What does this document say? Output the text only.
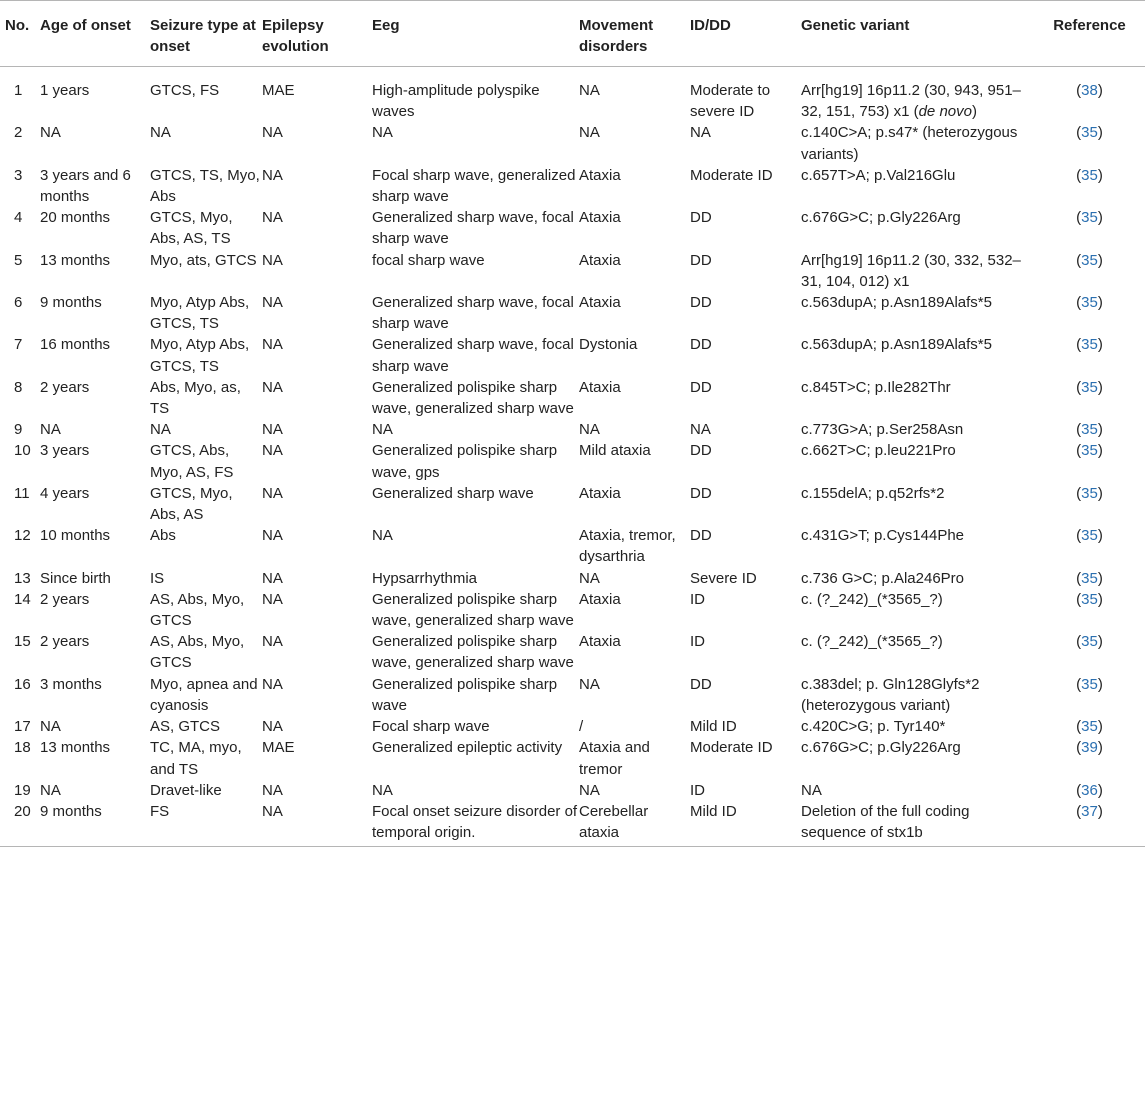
No.	Age of onset	Seizure type at onset	Epilepsy evolution	Eeg	Movement disorders	ID/DD	Genetic variant	Reference
1	1 years	GTCS, FS	MAE	High-amplitude polyspike waves	NA	Moderate to severe ID	Arr[hg19] 16p11.2 (30, 943, 951–32, 151, 753) x1 (de novo)	(38)
2	NA	NA	NA	NA	NA	NA	c.140C>A; p.s47* (heterozygous variants)	(35)
3	3 years and 6 months	GTCS, TS, Myo, Abs	NA	Focal sharp wave, generalized sharp wave	Ataxia	Moderate ID	c.657T>A; p.Val216Glu	(35)
4	20 months	GTCS, Myo, Abs, AS, TS	NA	Generalized sharp wave, focal sharp wave	Ataxia	DD	c.676G>C; p.Gly226Arg	(35)
5	13 months	Myo, ats, GTCS	NA	focal sharp wave	Ataxia	DD	Arr[hg19] 16p11.2 (30, 332, 532–31, 104, 012) x1	(35)
6	9 months	Myo, Atyp Abs, GTCS, TS	NA	Generalized sharp wave, focal sharp wave	Ataxia	DD	c.563dupA; p.Asn189Alafs*5	(35)
7	16 months	Myo, Atyp Abs, GTCS, TS	NA	Generalized sharp wave, focal sharp wave	Dystonia	DD	c.563dupA; p.Asn189Alafs*5	(35)
8	2 years	Abs, Myo, as, TS	NA	Generalized polispike sharp wave, generalized sharp wave	Ataxia	DD	c.845T>C; p.Ile282Thr	(35)
9	NA	NA	NA	NA	NA	NA	c.773G>A; p.Ser258Asn	(35)
10	3 years	GTCS, Abs, Myo, AS, FS	NA	Generalized polispike sharp wave, gps	Mild ataxia	DD	c.662T>C; p.leu221Pro	(35)
11	4 years	GTCS, Myo, Abs, AS	NA	Generalized sharp wave	Ataxia	DD	c.155delA; p.q52rfs*2	(35)
12	10 months	Abs	NA	NA	Ataxia, tremor, dysarthria	DD	c.431G>T; p.Cys144Phe	(35)
13	Since birth	IS	NA	Hypsarrhythmia	NA	Severe ID	c.736 G>C; p.Ala246Pro	(35)
14	2 years	AS, Abs, Myo, GTCS	NA	Generalized polispike sharp wave, generalized sharp wave	Ataxia	ID	c. (?_242)_(*3565_?)	(35)
15	2 years	AS, Abs, Myo, GTCS	NA	Generalized polispike sharp wave, generalized sharp wave	Ataxia	ID	c. (?_242)_(*3565_?)	(35)
16	3 months	Myo, apnea and cyanosis	NA	Generalized polispike sharp wave	NA	DD	c.383del; p. Gln128Glyfs*2 (heterozygous variant)	(35)
17	NA	AS, GTCS	NA	Focal sharp wave	/	Mild ID	c.420C>G; p. Tyr140*	(35)
18	13 months	TC, MA, myo, and TS	MAE	Generalized epileptic activity	Ataxia and tremor	Moderate ID	c.676G>C; p.Gly226Arg	(39)
19	NA	Dravet-like	NA	NA	NA	ID	NA	(36)
20	9 months	FS	NA	Focal onset seizure disorder of temporal origin.	Cerebellar ataxia	Mild ID	Deletion of the full coding sequence of stx1b	(37)
